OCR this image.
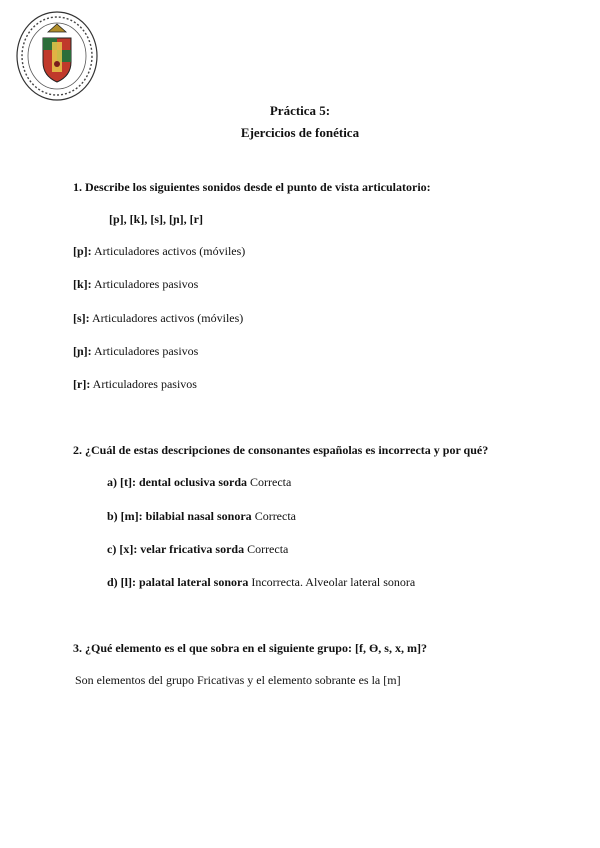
Práctica 5:
Ejercicios de fonética
1. Describe los siguientes sonidos desde el punto de vista articulatorio:
[p], [k], [s], [ɲ], [r]
[p]: Articuladores activos (móviles)
[k]: Articuladores pasivos
[s]: Articuladores activos (móviles)
[ɲ]: Articuladores pasivos
[r]: Articuladores pasivos
2. ¿Cuál de estas descripciones de consonantes españolas es incorrecta y por qué?
a) [t]: dental oclusiva sorda Correcta
b) [m]: bilabial nasal sonora Correcta
c) [x]: velar fricativa sorda Correcta
d) [l]: palatal lateral sonora Incorrecta. Alveolar lateral sonora
3. ¿Qué elemento es el que sobra en el siguiente grupo: [f, Ɵ, s, x, m]?
Son elementos del grupo Fricativas y el elemento sobrante es la [m]
